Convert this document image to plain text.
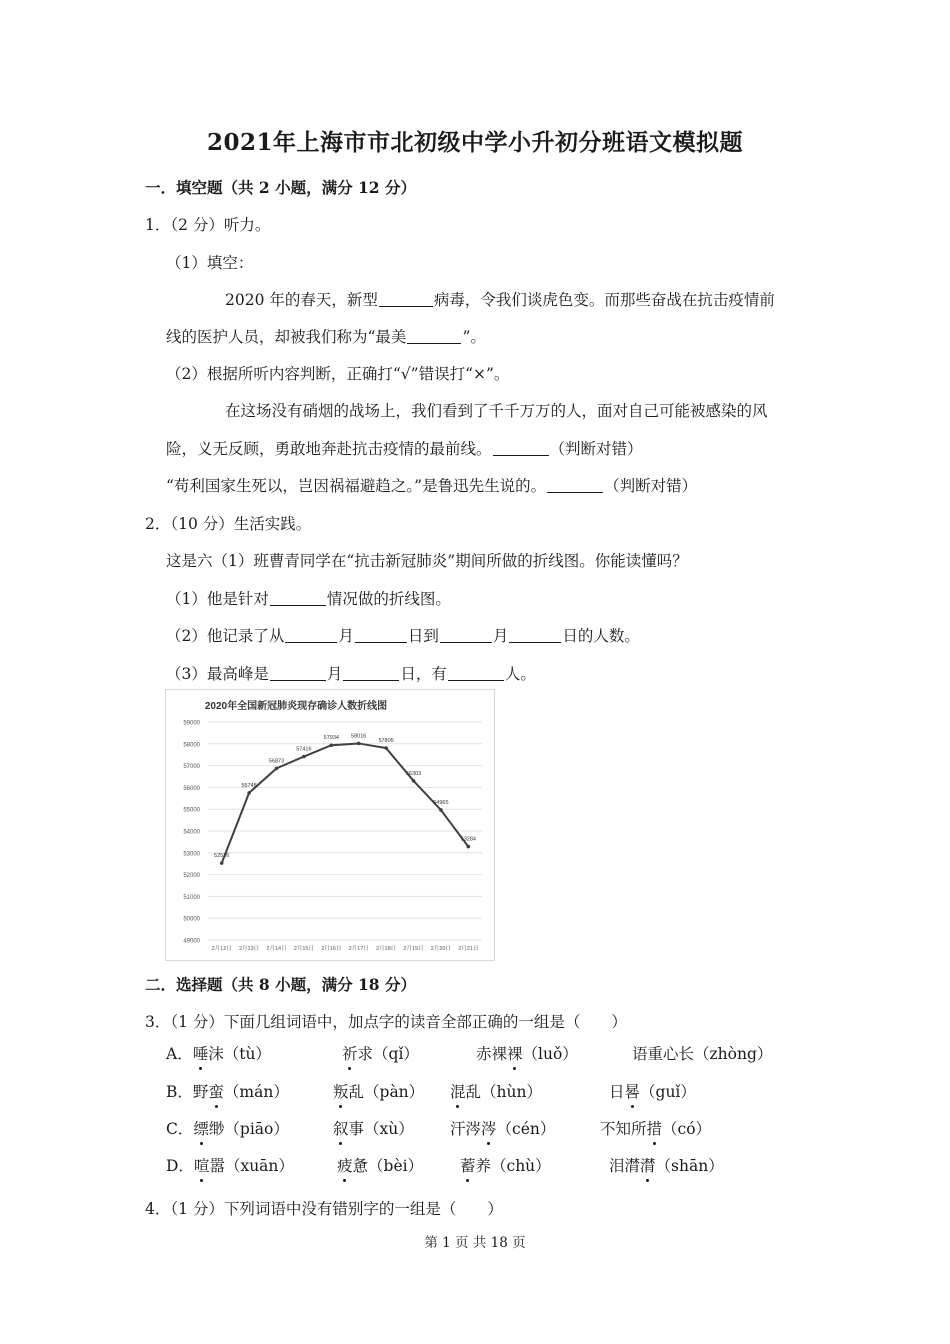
2021年上海市市北初级中学小升初分班语文模拟题
一．填空题（共 2 小题，满分 12 分）
1．（2 分）听力。
（1）填空：
2020 年的春天，新型	病毒，令我们谈虎色变。而那些奋战在抗击疫情前
线的医护人员，却被我们称为“最美	”。
（2）根据所听内容判断，正确打“√”错误打“×”。
在这场没有硝烟的战场上，我们看到了千千万万的人，面对自己可能被感染的风
险，义无反顾，勇敢地奔赴抗击疫情的最前线。	（判断对错）
“苟利国家生死以，岂因祸福避趋之。”是鲁迅先生说的。	（判断对错）
2．（10 分）生活实践。
这是六（1）班曹青同学在“抗击新冠肺炎”期间所做的折线图。你能读懂吗？
（1）他是针对	情况做的折线图。
（2）他记录了从	月	日到	月	日的人数。
（3）最高峰是	月	日，有	人。
2020年全国新冠肺炎现存确诊人数折线图
49000
50000
51000
52000
53000
54000
55000
56000
57000
58000
59000
2月12日 2月13日 2月14日 2月15日 2月16日 2月17日 2月18日 2月19日 2月20日 2月21日
52526
55748
56873
57416
57934 58016
57805
56303
54965
53284
二．选择题（共 8 小题，满分 18 分）
3．（1 分）下面几组词语中，加点字的读音全部正确的一组是（　　）
A．唾沫（tù）	祈求（qǐ）	赤裸裸（luǒ）	语重心长（zhòng）
B．野蛮（mán）	叛乱（pàn） 混乱（hùn）	日晷（guǐ）
C．缥缈（piāo）	叙事（xù） 汗涔涔（cén）	不知所措（có）
D．喧嚣（xuān）	疲惫（bèi） 蓄养（chù）	泪潸潸（shān）
4．（1 分）下列词语中没有错别字的一组是（　　）
第 1 页 共 18 页
